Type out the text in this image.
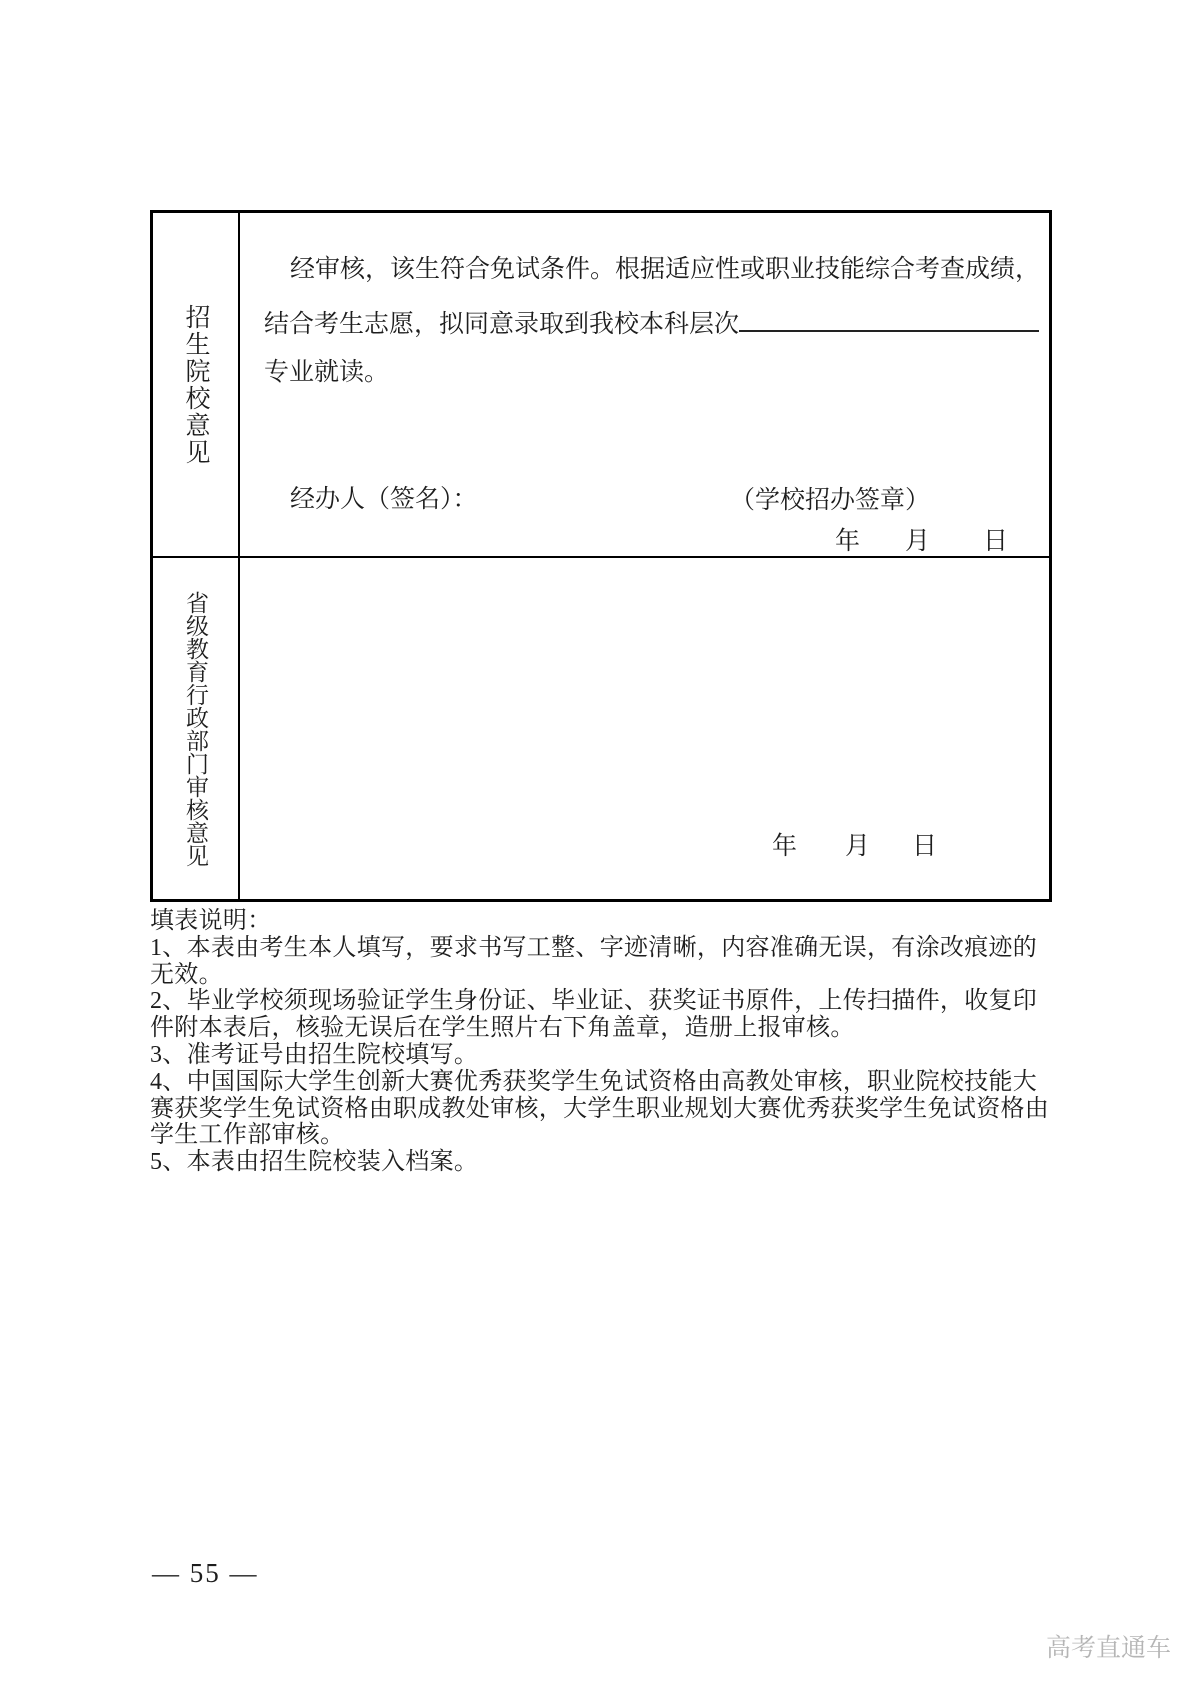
招生院校意见
经审核，该生符合免试条件。根据适应性或职业技能综合考查成绩，
结合考生志愿，拟同意录取到我校本科层次
专业就读。
经办人（签名）：	（学校招办签章）
年 月 日
省级教育行政部门审核意见	年 月 日
填表说明：
1、本表由考生本人填写，要求书写工整、字迹清晰，内容准确无误，有涂改痕迹的
无效。
2、毕业学校须现场验证学生身份证、毕业证、获奖证书原件，上传扫描件，收复印
件附本表后，核验无误后在学生照片右下角盖章，造册上报审核。
3、准考证号由招生院校填写。
4、中国国际大学生创新大赛优秀获奖学生免试资格由高教处审核，职业院校技能大
赛获奖学生免试资格由职成教处审核，大学生职业规划大赛优秀获奖学生免试资格由
学生工作部审核。
5、本表由招生院校装入档案。
— 55 —
高考直通车
